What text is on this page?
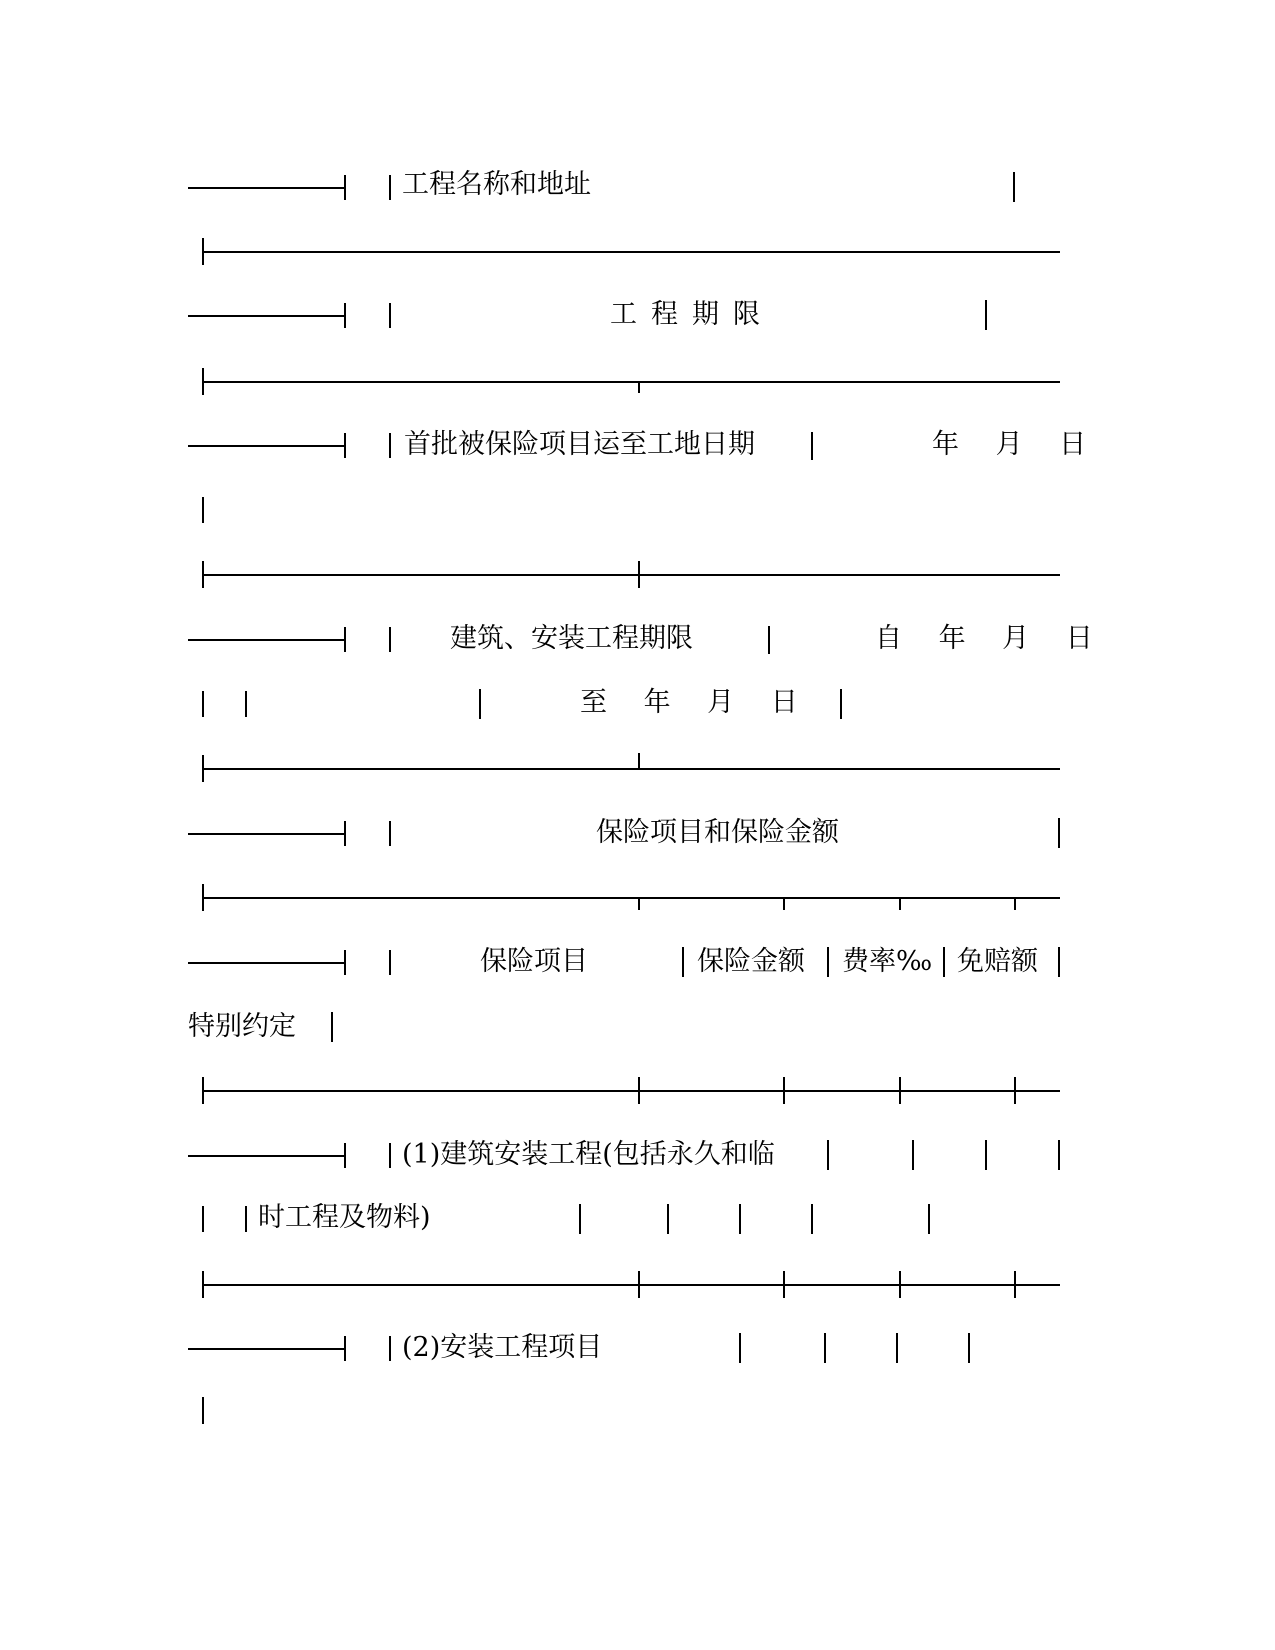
工程名称和地址
工程期限
首批被保险项目运至工地日期	年 月 日
建筑、安装工程期限	自 年 月 日
至 年 月 日
保险项目和保险金额
保险项目	保险金额 费率‰ 免赔额
特别约定
(1)建筑安装工程(包括永久和临
时工程及物料)
(2)安装工程项目
